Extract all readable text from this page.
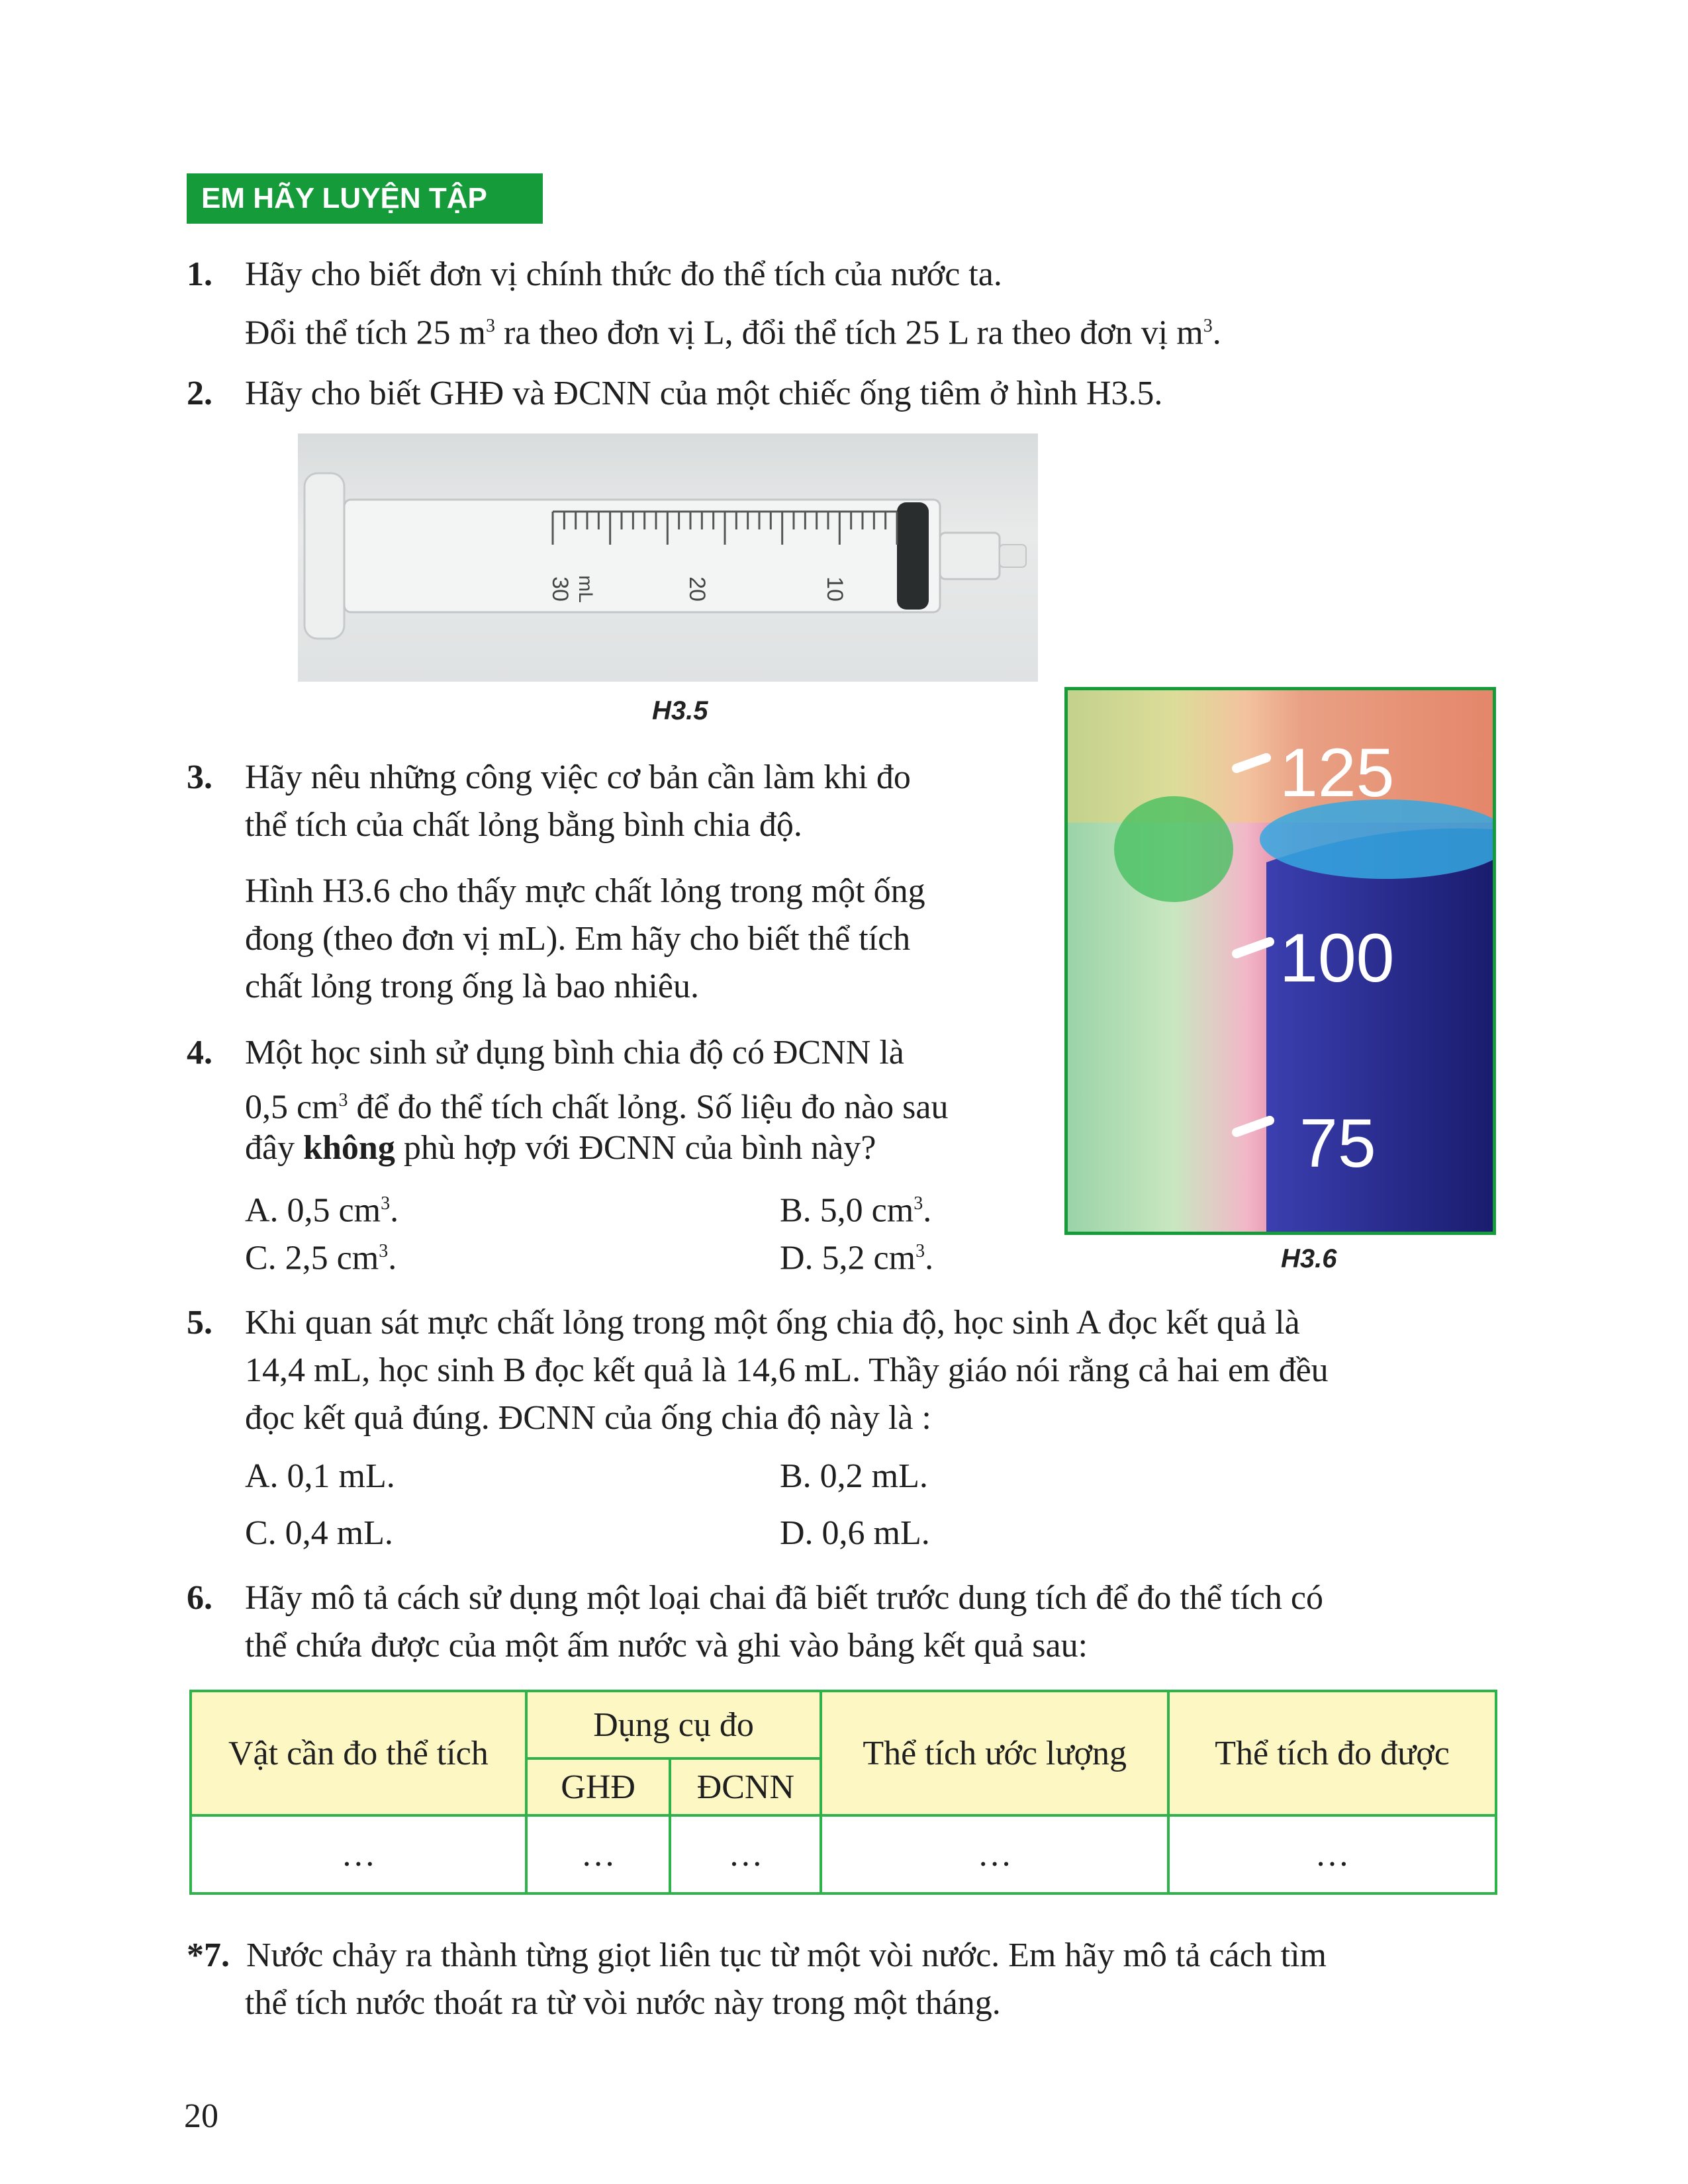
EM HÃY LUYỆN TẬP
1. Hãy cho biết đơn vị chính thức đo thể tích của nước ta.
Đổi thể tích 25 $m^3$ ra theo đơn vị L, đổi thể tích 25 L ra theo đơn vị $m^3$.
2. Hãy cho biết GHĐ và ĐCNN của một chiếc ống tiêm ở hình H3.5.
30 mL	20	10
H3.5
3. Hãy nêu những công việc cơ bản cần làm khi đo
thể tích của chất lỏng bằng bình chia độ.
Hình H3.6 cho thấy mực chất lỏng trong một ống
đong (theo đơn vị mL). Em hãy cho biết thể tích
chất lỏng trong ống là bao nhiêu.
125
100
75
H3.6
4. Một học sinh sử dụng bình chia độ có ĐCNN là
0,5 $cm^3$ để đo thể tích chất lỏng. Số liệu đo nào sau
đây không phù hợp với ĐCNN của bình này?
A. 0,5 $cm^3$.	B. 5,0 $cm^3$.
C. 2,5 $cm^3$.	D. 5,2 $cm^3$.
5. Khi quan sát mực chất lỏng trong một ống chia độ, học sinh A đọc kết quả là
14,4 mL, học sinh B đọc kết quả là 14,6 mL. Thầy giáo nói rằng cả hai em đều
đọc kết quả đúng. ĐCNN của ống chia độ này là :
A. 0,1 mL.	B. 0,2 mL.
C. 0,4 mL.	D. 0,6 mL.
6. Hãy mô tả cách sử dụng một loại chai đã biết trước dung tích để đo thể tích có
thể chứa được của một ấm nước và ghi vào bảng kết quả sau:
Vật cần đo thể tích	Dụng cụ đo		Thể tích ước lượng	Thể tích đo được
	GHĐ	ĐCNN		
…	…	…	…	…
*7. Nước chảy ra thành từng giọt liên tục từ một vòi nước. Em hãy mô tả cách tìm
thể tích nước thoát ra từ vòi nước này trong một tháng.
20
